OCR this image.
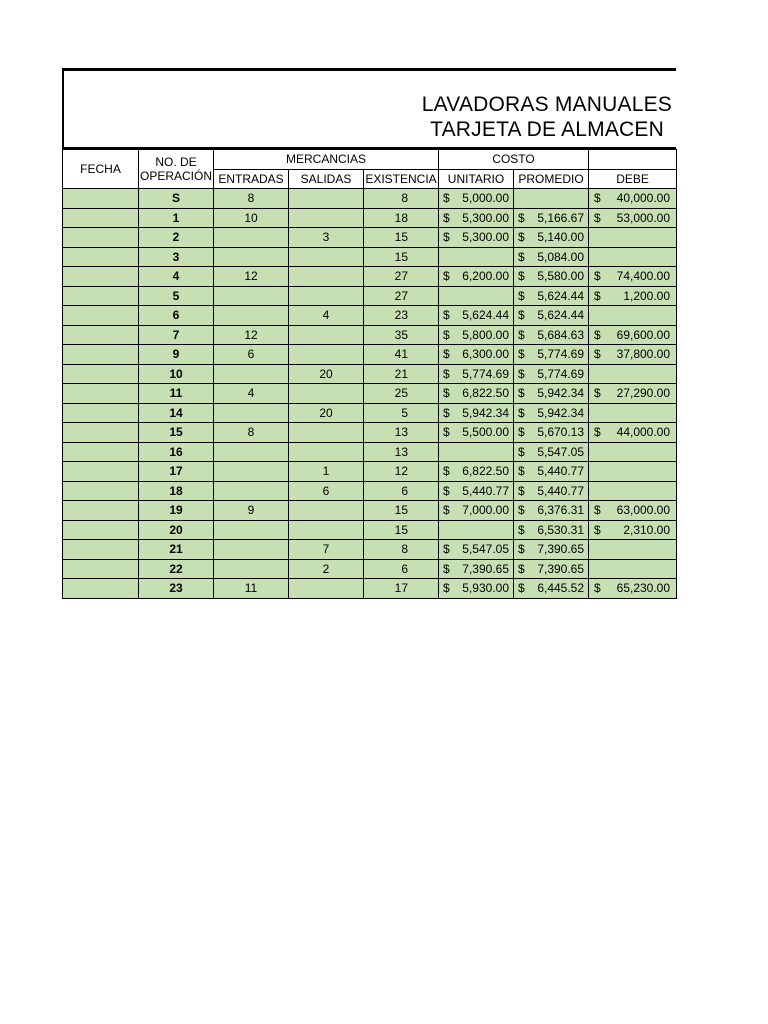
LAVADORAS MANUALES
TARJETA DE ALMACEN
FECHA	NO. DE OPERACIÓN	MERCANCIAS			COSTO		
		ENTRADAS	SALIDAS	EXISTENCIA	UNITARIO	PROMEDIO	DEBE
	S	8		8	$ 5,000.00		$ 40,000.00

	1	10		18	$ 5,300.00	$ 5,166.67	$ 53,000.00

	2		3	15	$ 5,300.00	$ 5,140.00	

	3			15		$ 5,084.00	

	4	12		27	$ 6,200.00	$ 5,580.00	$ 74,400.00

	5			27		$ 5,624.44	$ 1,200.00

	6		4	23	$ 5,624.44	$ 5,624.44	

	7	12		35	$ 5,800.00	$ 5,684.63	$ 69,600.00

	9	6		41	$ 6,300.00	$ 5,774.69	$ 37,800.00

	10		20	21	$ 5,774.69	$ 5,774.69	

	11	4		25	$ 6,822.50	$ 5,942.34	$ 27,290.00

	14		20	5	$ 5,942.34	$ 5,942.34	

	15	8		13	$ 5,500.00	$ 5,670.13	$ 44,000.00

	16			13		$ 5,547.05	

	17		1	12	$ 6,822.50	$ 5,440.77	

	18		6	6	$ 5,440.77	$ 5,440.77	

	19	9		15	$ 7,000.00	$ 6,376.31	$ 63,000.00

	20			15		$ 6,530.31	$ 2,310.00

	21		7	8	$ 5,547.05	$ 7,390.65	

	22		2	6	$ 7,390.65	$ 7,390.65	

	23	11		17	$ 5,930.00	$ 6,445.52	$ 65,230.00
